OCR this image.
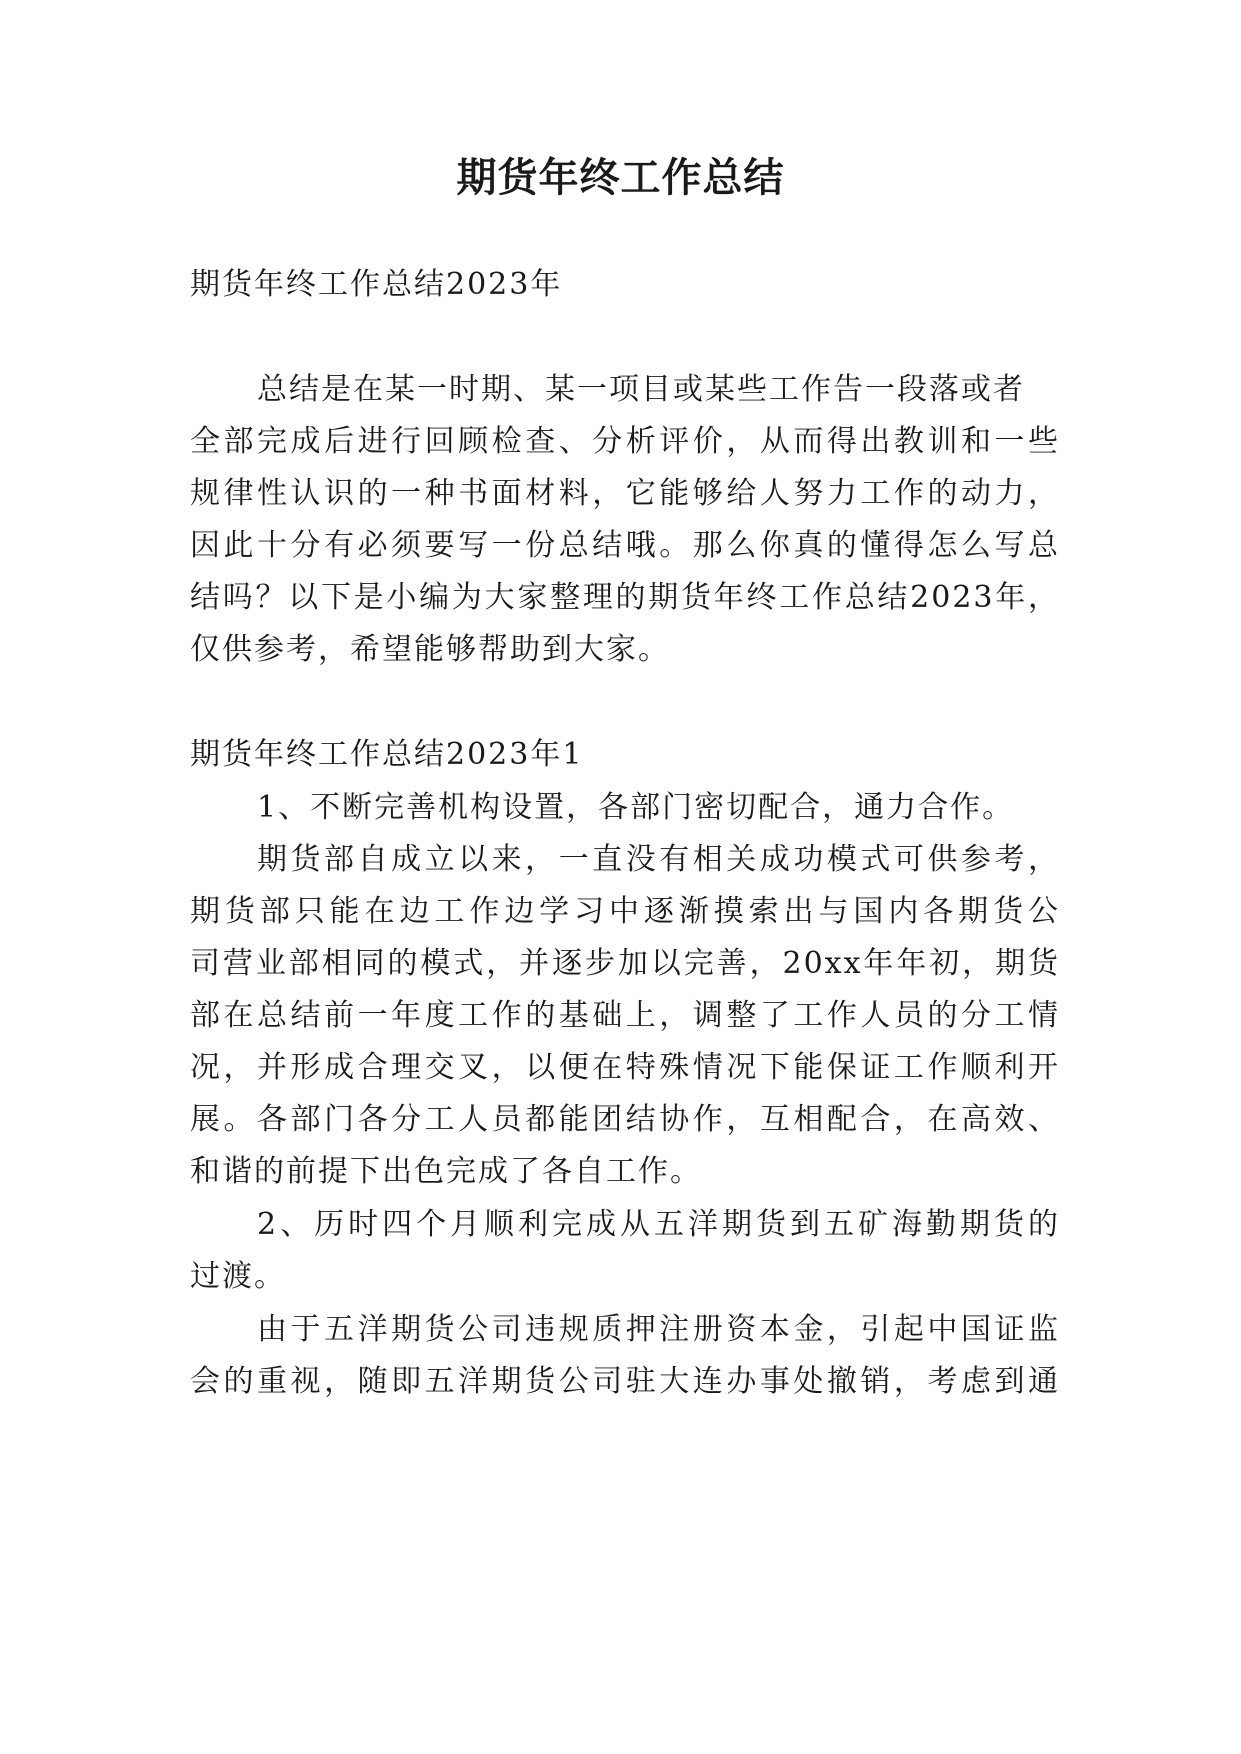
期货年终工作总结
期货年终工作总结2023年
总结是在某一时期、某一项目或某些工作告一段落或者
全部完成后进行回顾检查、分析评价，从而得出教训和一些
规律性认识的一种书面材料，它能够给人努力工作的动力，
因此十分有必须要写一份总结哦。那么你真的懂得怎么写总
结吗？以下是小编为大家整理的期货年终工作总结2023年，
仅供参考，希望能够帮助到大家。
期货年终工作总结2023年1
1、不断完善机构设置，各部门密切配合，通力合作。
期货部自成立以来，一直没有相关成功模式可供参考，
期货部只能在边工作边学习中逐渐摸索出与国内各期货公
司营业部相同的模式，并逐步加以完善，20xx年年初，期货
部在总结前一年度工作的基础上，调整了工作人员的分工情
况，并形成合理交叉，以便在特殊情况下能保证工作顺利开
展。各部门各分工人员都能团结协作，互相配合，在高效、
和谐的前提下出色完成了各自工作。
2、历时四个月顺利完成从五洋期货到五矿海勤期货的
过渡。
由于五洋期货公司违规质押注册资本金，引起中国证监
会的重视，随即五洋期货公司驻大连办事处撤销，考虑到通
